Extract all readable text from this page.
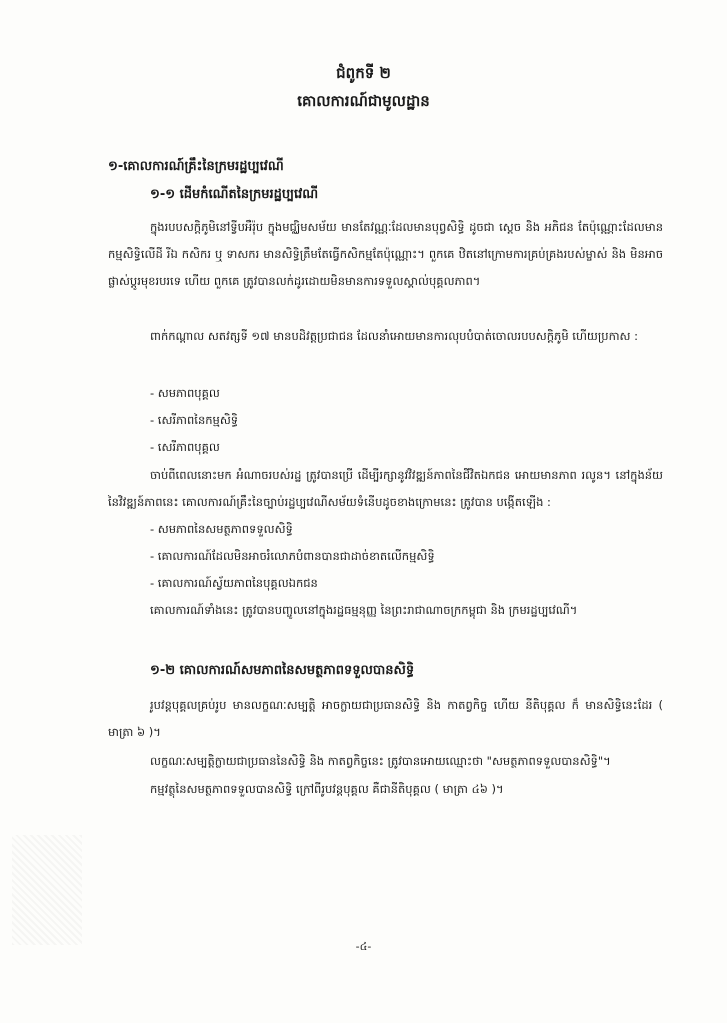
ជំពូកទី ២
គោលការណ៍ជាមូលដ្ឋាន
១-គោលការណ៍គ្រឹះនៃក្រមរដ្ឋប្បវេណី
១-១ ដើមកំណើតនៃក្រមរដ្ឋប្បវេណី

ក្នុងរបបសក្តិភូមិនៅទ្វីបអឺរ៉ុប ក្នុងមជ្ឈិមសម័យ មានតែវណ្ណៈដែលមានបុព្វសិទ្ធិ ដូចជា ស្តេច និង អភិជន តែប៉ុណ្ណោះដែលមានកម្មសិទ្ធិលើដី រីឯ កសិករ ឬ ទាសករ មានសិទ្ធិត្រឹមតែធ្វើកសិកម្មតែប៉ុណ្ណោះ។ ពួកគេ ឋិតនៅក្រោមការគ្រប់គ្រងរបស់ម្ចាស់ និង មិនអាចផ្លាស់ប្តូរមុខរបរទេ ហើយ ពួកគេ ត្រូវបានលក់ដូរដោយមិនមានការទទួលស្គាល់បុគ្គលភាព។

ពាក់កណ្តាល សតវត្សទី ១៧ មានបដិវត្តប្រជាជន ដែលនាំអោយមានការលុបបំបាត់ចោលរបបសក្តិភូមិ ហើយប្រកាស :

- សមភាពបុគ្គល
- សេរីភាពនៃកម្មសិទ្ធិ
- សេរីភាពបុគ្គល

ចាប់ពីពេលនោះមក អំណាចរបស់រដ្ឋ ត្រូវបានប្រើ ដើម្បីរក្សានូវវិវឌ្ឍន៍ភាពនៃជីវិតឯកជន អោយមានភាព រលូន។ នៅក្នុងន័យនៃវិវឌ្ឍន៍ភាពនេះ គោលការណ៍គ្រឹះនៃច្បាប់រដ្ឋប្បវេណីសម័យទំនើបដូចខាងក្រោមនេះ ត្រូវបាន បង្កើតឡើង :

- សមភាពនៃសមត្ថភាពទទួលសិទ្ធិ
- គោលការណ៍ដែលមិនអាចរំលោភបំពានបានជាដាច់ខាតលើកម្មសិទ្ធិ
- គោលការណ៍ស្វ័យភាពនៃបុគ្គលឯកជន

គោលការណ៍ទាំងនេះ ត្រូវបានបញ្ចូលនៅក្នុងរដ្ឋធម្មនុញ្ញ នៃព្រះរាជាណាចក្រកម្ពុជា និង ក្រមរដ្ឋប្បវេណី។

១-២ គោលការណ៍សមភាពនៃសមត្ថភាពទទួលបានសិទ្ធិ

រូបវន្តបុគ្គលគ្រប់រូប មានលក្ខណៈសម្បត្តិ អាចក្លាយជាប្រធានសិទ្ធិ និង កាតព្វកិច្ច ហើយ នីតិបុគ្គល ក៏ មានសិទ្ធិនេះដែរ ( មាត្រា ៦ )។

លក្ខណៈសម្បត្តិក្លាយជាប្រធាននៃសិទ្ធិ និង កាតព្វកិច្ចនេះ ត្រូវបានអោយឈ្មោះថា "សមត្ថភាពទទួលបានសិទ្ធិ"។

កម្មវត្ថុនៃសមត្ថភាពទទួលបានសិទ្ធិ ក្រៅពីរូបវន្តបុគ្គល គឺជានីតិបុគ្គល ( មាត្រា ៤៦ )។

-៤-
